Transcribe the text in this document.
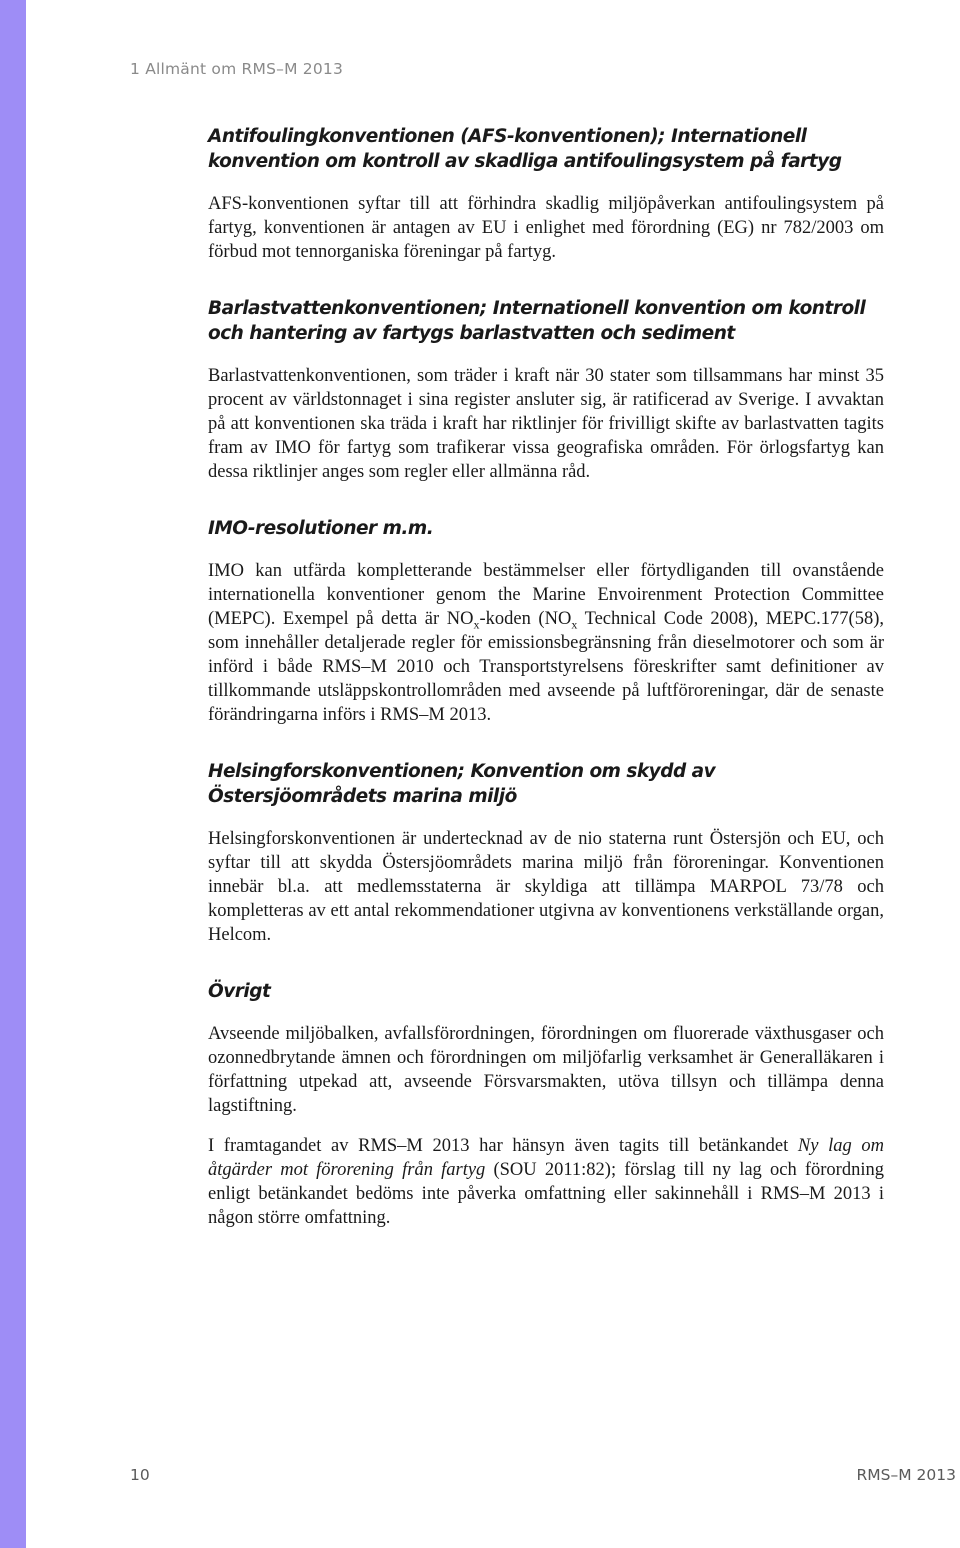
1 Allmänt om RMS–M 2013
Antifoulingkonventionen (AFS-konventionen); Internationell konvention om kontroll av skadliga antifoulingsystem på fartyg

AFS-konventionen syftar till att förhindra skadlig miljöpåverkan antifoulingsystem på fartyg, konventionen är antagen av EU i enlighet med förordning (EG) nr 782/2003 om förbud mot tennorganiska föreningar på fartyg.

Barlastvattenkonventionen; Internationell konvention om kontroll och hantering av fartygs barlastvatten och sediment

Barlastvattenkonventionen, som träder i kraft när 30 stater som tillsammans har minst 35 procent av världstonnaget i sina register ansluter sig, är ratificerad av Sverige. I avvaktan på att konventionen ska träda i kraft har riktlinjer för frivilligt skifte av barlastvatten tagits fram av IMO för fartyg som trafikerar vissa geografiska områden. För örlogsfartyg kan dessa riktlinjer anges som regler eller allmänna råd.

IMO-resolutioner m.m.

IMO kan utfärda kompletterande bestämmelser eller förtydliganden till ovanstående internationella konventioner genom the Marine Envoirenment Protection Committee (MEPC). Exempel på detta är $NO_x$-koden ($NO_x$ Technical Code 2008), MEPC.177(58), som innehåller detaljerade regler för emissionsbegränsning från dieselmotorer och som är införd i både RMS–M 2010 och Transportstyrelsens föreskrifter samt definitioner av tillkommande utsläppskontrollområden med avseende på luftföroreningar, där de senaste förändringarna införs i RMS–M 2013.

Helsingforskonventionen; Konvention om skydd av Östersjöområdets marina miljö

Helsingforskonventionen är undertecknad av de nio staterna runt Östersjön och EU, och syftar till att skydda Östersjöområdets marina miljö från föroreningar. Konventionen innebär bl.a. att medlemsstaterna är skyldiga att tillämpa MARPOL 73/78 och kompletteras av ett antal rekommendationer utgivna av konventionens verkställande organ, Helcom.

Övrigt

Avseende miljöbalken, avfallsförordningen, förordningen om fluorerade växthusgaser och ozonnedbrytande ämnen och förordningen om miljöfarlig verksamhet är Generalläkaren i författning utpekad att, avseende Försvarsmakten, utöva tillsyn och tillämpa denna lagstiftning.

I framtagandet av RMS–M 2013 har hänsyn även tagits till betänkandet Ny lag om åtgärder mot förorening från fartyg (SOU 2011:82); förslag till ny lag och förordning enligt betänkandet bedöms inte påverka omfattning eller sakinnehåll i RMS–M 2013 i någon större omfattning.

10	RMS–M 2013
